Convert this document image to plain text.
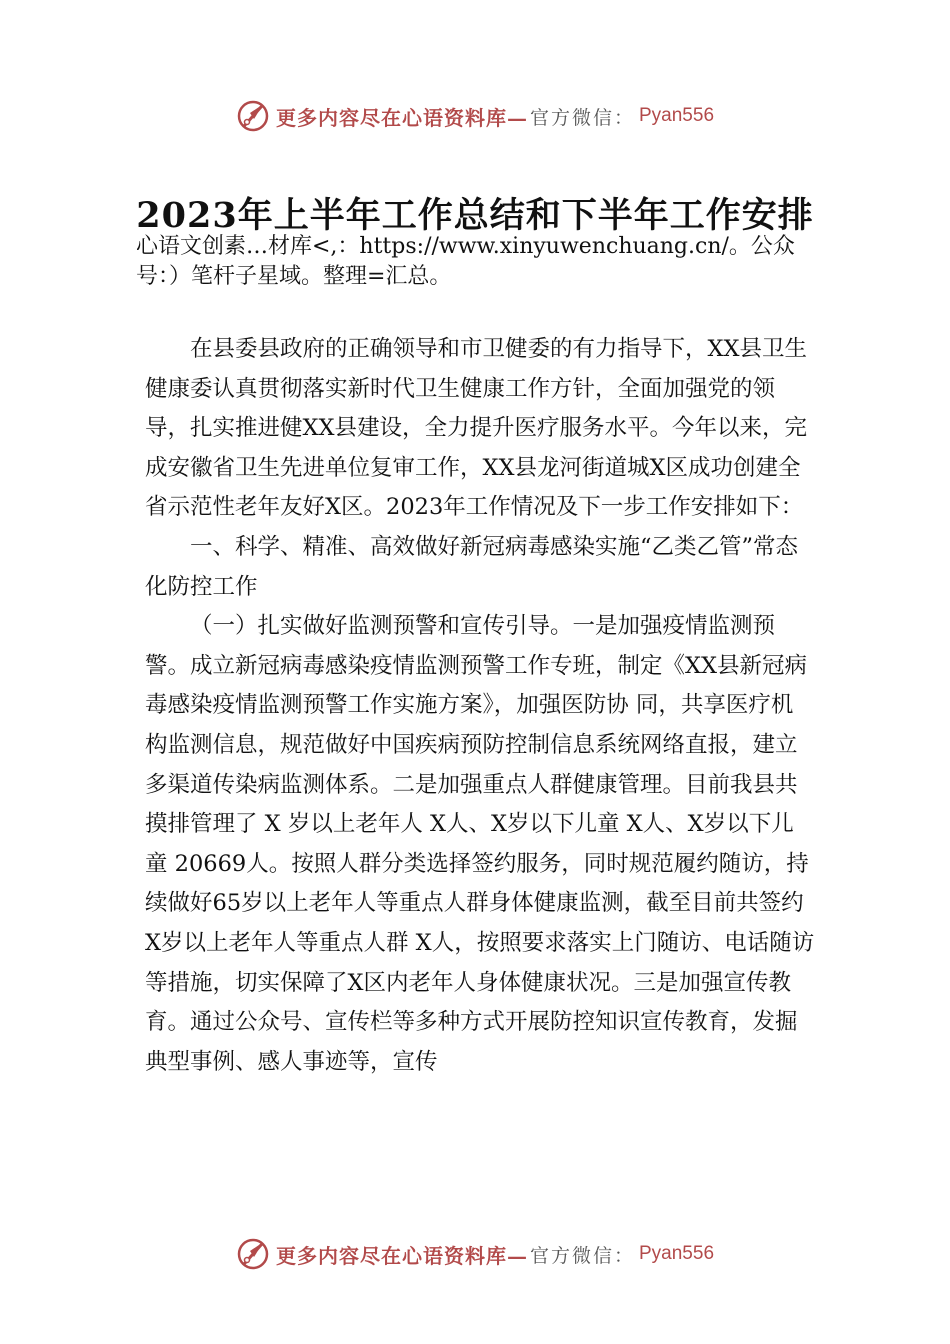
更多内容尽在心语资料库— 官方微信： Pyan556
2023年上半年工作总结和下半年工作安排

心语文创素…材库<,：https://www.xinyuwenchuang.cn/。公众号：）笔杆子星域。整理=汇总。

在县委县政府的正确领导和市卫健委的有力指导下，XX县卫生健康委认真贯彻落实新时代卫生健康工作方针，全面加强党的领导，扎实推进健XX县建设，全力提升医疗服务水平。今年以来，完成安徽省卫生先进单位复审工作，XX县龙河街道城X区成功创建全省示范性老年友好X区。2023年工作情况及下一步工作安排如下：

一、科学、精准、高效做好新冠病毒感染实施“乙类乙管”常态化防控工作

（一）扎实做好监测预警和宣传引导。一是加强疫情监测预警。成立新冠病毒感染疫情监测预警工作专班，制定《XX县新冠病毒感染疫情监测预警工作实施方案》，加强医防协 同，共享医疗机构监测信息，规范做好中国疾病预防控制信息系统网络直报，建立多渠道传染病监测体系。二是加强重点人群健康管理。目前我县共摸排管理了 X 岁以上老年人 X人、X岁以下儿童 X人、X岁以下儿童 20669人。按照人群分类选择签约服务，同时规范履约随访，持续做好65岁以上老年人等重点人群身体健康监测，截至目前共签约 X岁以上老年人等重点人群 X人，按照要求落实上门随访、电话随访等措施，切实保障了X区内老年人身体健康状况。三是加强宣传教育。通过公众号、宣传栏等多种方式开展防控知识宣传教育，发掘典型事例、感人事迹等，宣传

更多内容尽在心语资料库— 官方微信： Pyan556
